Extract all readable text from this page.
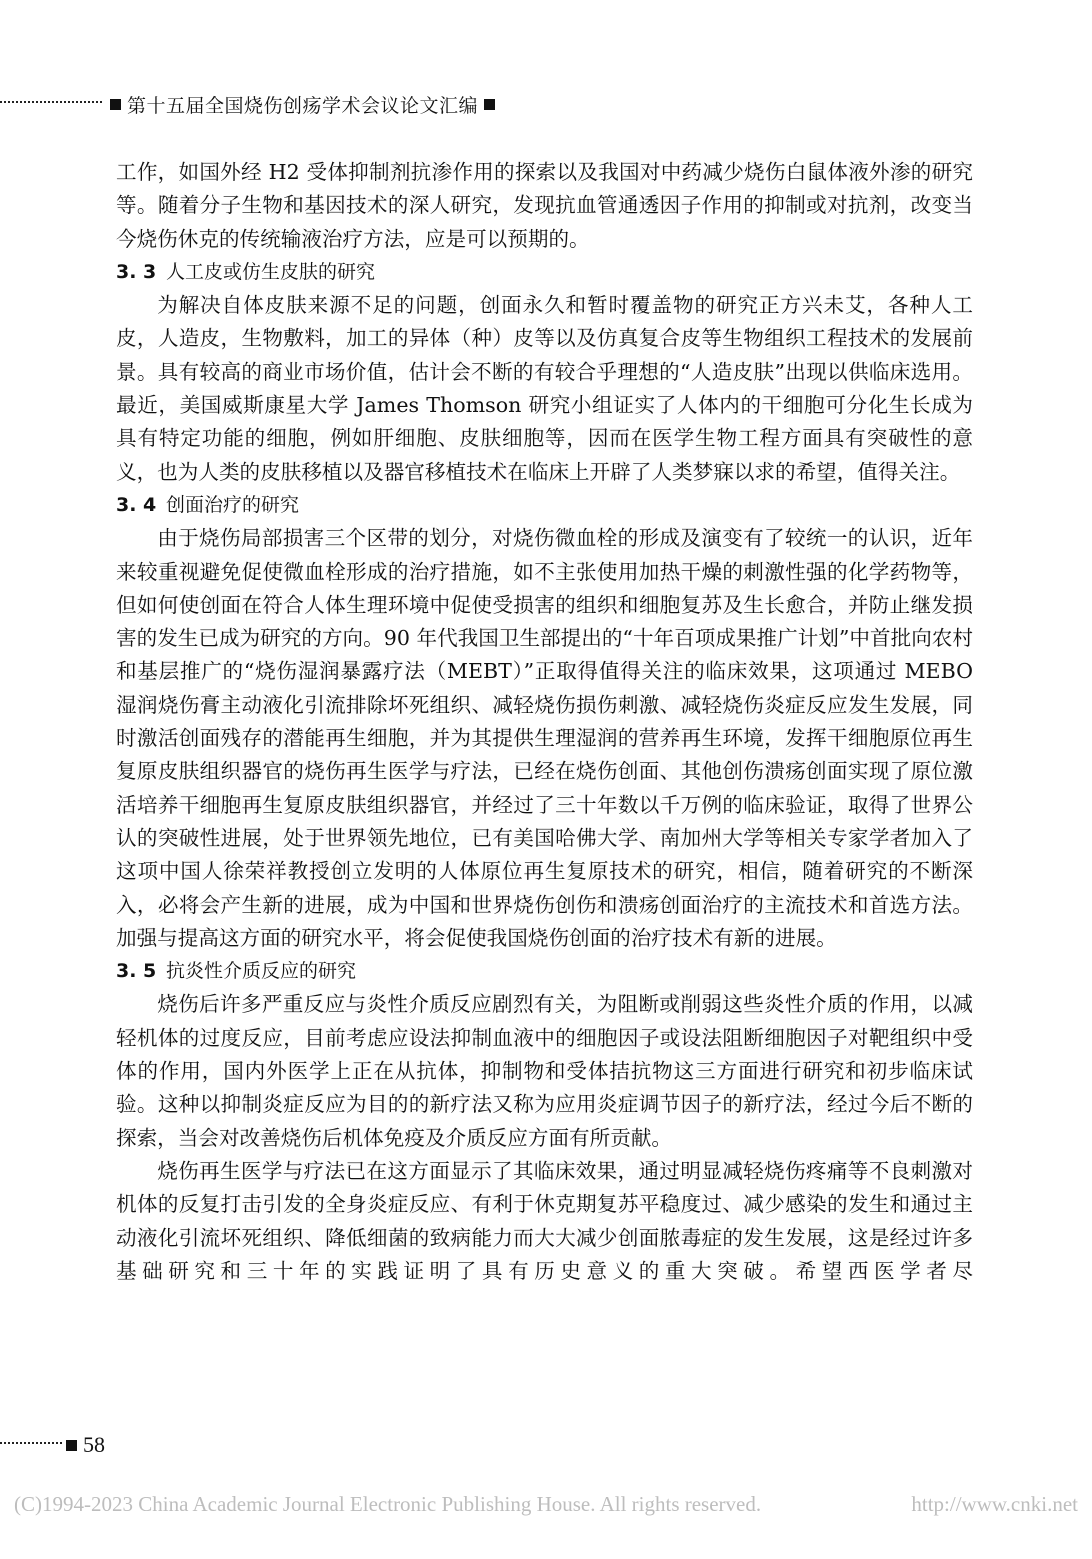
第十五届全国烧伤创疡学术会议论文汇编

工作，如国外经 H2 受体抑制剂抗渗作用的探索以及我国对中药减少烧伤白鼠体液外渗的研究等。随着分子生物和基因技术的深人研究，发现抗血管通透因子作用的抑制或对抗剂，改变当今烧伤休克的传统输液治疗方法，应是可以预期的。

3. 3 人工皮或仿生皮肤的研究

为解决自体皮肤来源不足的问题，创面永久和暂时覆盖物的研究正方兴未艾，各种人工皮，人造皮，生物敷料，加工的异体（种）皮等以及仿真复合皮等生物组织工程技术的发展前景。具有较高的商业市场价值，估计会不断的有较合乎理想的“人造皮肤”出现以供临床选用。最近，美国威斯康星大学 James Thomson 研究小组证实了人体内的干细胞可分化生长成为具有特定功能的细胞，例如肝细胞、皮肤细胞等，因而在医学生物工程方面具有突破性的意义，也为人类的皮肤移植以及器官移植技术在临床上开辟了人类梦寐以求的希望，值得关注。

3. 4 创面治疗的研究

由于烧伤局部损害三个区带的划分，对烧伤微血栓的形成及演变有了较统一的认识，近年来较重视避免促使微血栓形成的治疗措施，如不主张使用加热干燥的刺激性强的化学药物等，但如何使创面在符合人体生理环境中促使受损害的组织和细胞复苏及生长愈合，并防止继发损害的发生已成为研究的方向。90 年代我国卫生部提出的“十年百项成果推广计划”中首批向农村和基层推广的“烧伤湿润暴露疗法（MEBT）”正取得值得关注的临床效果，这项通过 MEBO 湿润烧伤膏主动液化引流排除坏死组织、减轻烧伤损伤刺激、减轻烧伤炎症反应发生发展，同时激活创面残存的潜能再生细胞，并为其提供生理湿润的营养再生环境，发挥干细胞原位再生复原皮肤组织器官的烧伤再生医学与疗法，已经在烧伤创面、其他创伤溃疡创面实现了原位激活培养干细胞再生复原皮肤组织器官，并经过了三十年数以千万例的临床验证，取得了世界公认的突破性进展，处于世界领先地位，已有美国哈佛大学、南加州大学等相关专家学者加入了这项中国人徐荣祥教授创立发明的人体原位再生复原技术的研究，相信，随着研究的不断深入，必将会产生新的进展，成为中国和世界烧伤创伤和溃疡创面治疗的主流技术和首选方法。加强与提高这方面的研究水平，将会促使我国烧伤创面的治疗技术有新的进展。

3. 5 抗炎性介质反应的研究

烧伤后许多严重反应与炎性介质反应剧烈有关，为阻断或削弱这些炎性介质的作用，以减轻机体的过度反应，目前考虑应设法抑制血液中的细胞因子或设法阻断细胞因子对靶组织中受体的作用，国内外医学上正在从抗体，抑制物和受体拮抗物这三方面进行研究和初步临床试验。这种以抑制炎症反应为目的的新疗法又称为应用炎症调节因子的新疗法，经过今后不断的探索，当会对改善烧伤后机体免疫及介质反应方面有所贡献。

烧伤再生医学与疗法已在这方面显示了其临床效果，通过明显减轻烧伤疼痛等不良刺激对机体的反复打击引发的全身炎症反应、有利于休克期复苏平稳度过、减少感染的发生和通过主动液化引流坏死组织、降低细菌的致病能力而大大减少创面脓毒症的发生发展，这是经过许多基础研究和三十年的实践证明了具有历史意义的重大突破。希望西医学者尽

58
(C)1994-2023 China Academic Journal Electronic Publishing House. All rights reserved.	http://www.cnki.net
